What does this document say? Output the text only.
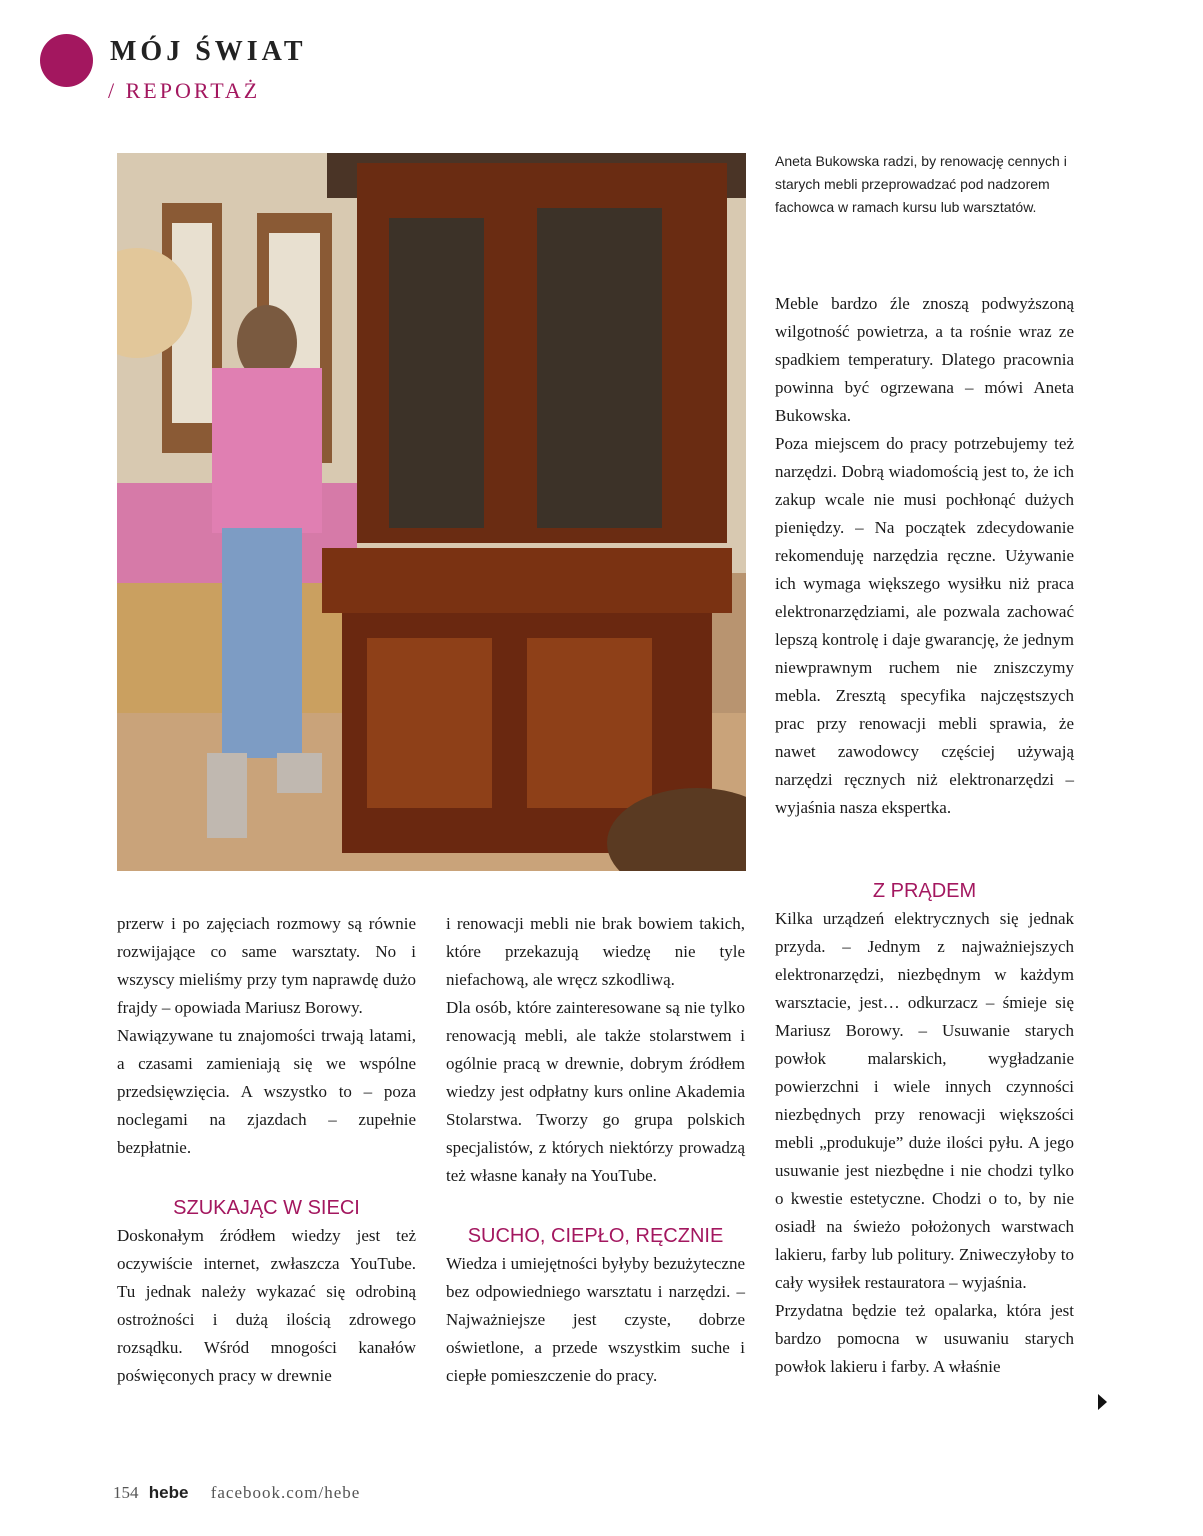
MÓJ ŚWIAT
/ REPORTAŻ
Aneta Bukowska radzi, by renowację cennych i starych mebli przeprowadzać pod nadzorem fachowca w ramach kursu lub warsztatów.

przerw i po zajęciach rozmowy są równie rozwijające co same warsztaty. No i wszyscy mieliśmy przy tym naprawdę dużo frajdy – opowiada Mariusz Borowy.

Nawiązywane tu znajomości trwają latami, a czasami zamieniają się we wspólne przedsięwzięcia. A wszystko to – poza noclegami na zjazdach – zupełnie bezpłatnie.

SZUKAJĄC W SIECI

Doskonałym źródłem wiedzy jest też oczywiście internet, zwłaszcza YouTube. Tu jednak należy wykazać się odrobiną ostrożności i dużą ilością zdrowego rozsądku. Wśród mnogości kanałów poświęconych pracy w drewnie

i renowacji mebli nie brak bowiem takich, które przekazują wiedzę nie tyle niefachową, ale wręcz szkodliwą.

Dla osób, które zainteresowane są nie tylko renowacją mebli, ale także stolarstwem i ogólnie pracą w drewnie, dobrym źródłem wiedzy jest odpłatny kurs online Akademia Stolarstwa. Tworzy go grupa polskich specjalistów, z których niektórzy prowadzą też własne kanały na YouTube.

SUCHO, CIEPŁO, RĘCZNIE

Wiedza i umiejętności byłyby bezużyteczne bez odpowiedniego warsztatu i narzędzi. – Najważniejsze jest czyste, dobrze oświetlone, a przede wszystkim suche i ciepłe pomieszczenie do pracy.

Meble bardzo źle znoszą podwyższoną wilgotność powietrza, a ta rośnie wraz ze spadkiem temperatury. Dlatego pracownia powinna być ogrzewana – mówi Aneta Bukowska.

Poza miejscem do pracy potrzebujemy też narzędzi. Dobrą wiadomością jest to, że ich zakup wcale nie musi pochłonąć dużych pieniędzy. – Na początek zdecydowanie rekomenduję narzędzia ręczne. Używanie ich wymaga większego wysiłku niż praca elektronarzędziami, ale pozwala zachować lepszą kontrolę i daje gwarancję, że jednym niewprawnym ruchem nie zniszczymy mebla. Zresztą specyfika najczęstszych prac przy renowacji mebli sprawia, że nawet zawodowcy częściej używają narzędzi ręcznych niż elektronarzędzi – wyjaśnia nasza ekspertka.

Z PRĄDEM

Kilka urządzeń elektrycznych się jednak przyda. – Jednym z najważniejszych elektronarzędzi, niezbędnym w każdym warsztacie, jest… odkurzacz – śmieje się Mariusz Borowy. – Usuwanie starych powłok malarskich, wygładzanie powierzchni i wiele innych czynności niezbędnych przy renowacji większości mebli „produkuje” duże ilości pyłu. A jego usuwanie jest niezbędne i nie chodzi tylko o kwestie estetyczne. Chodzi o to, by nie osiadł na świeżo położonych warstwach lakieru, farby lub politury. Zniweczyłoby to cały wysiłek restauratora – wyjaśnia.

Przydatna będzie też opalarka, która jest bardzo pomocna w usuwaniu starych powłok lakieru i farby. A właśnie

154 hebe facebook.com/hebe
